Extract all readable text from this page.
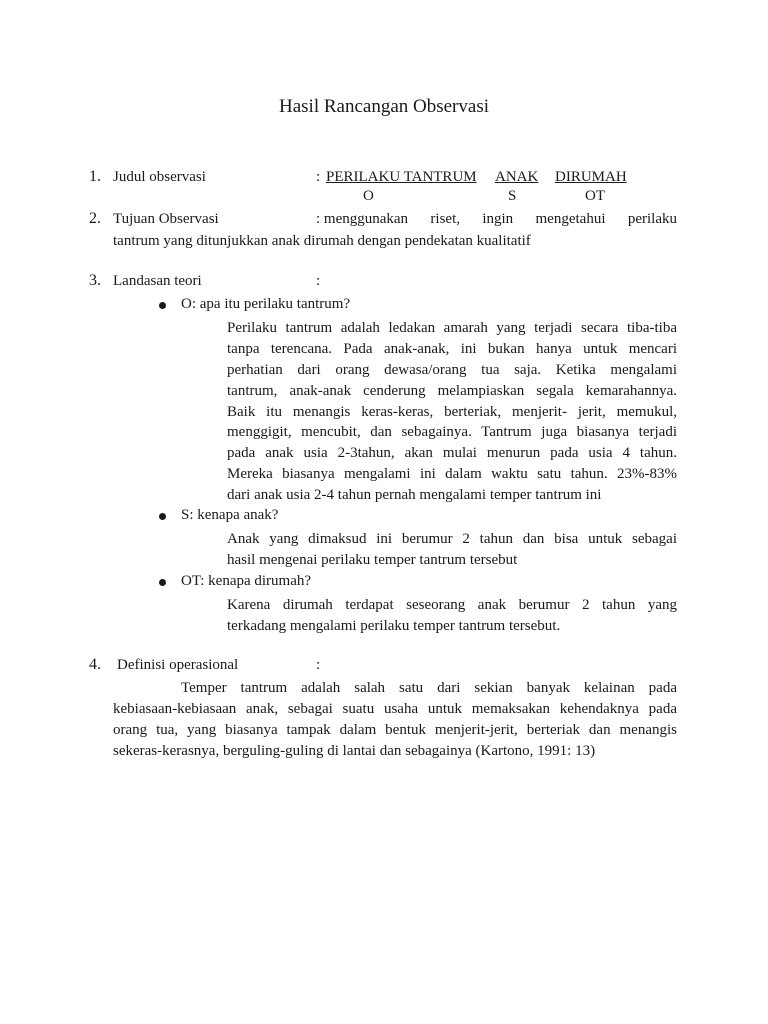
Hasil Rancangan Observasi
1. Judul observasi	: PERILAKU TANTRUM ANAK DIRUMAH
O	S	OT
2. Tujuan Observasi	: menggunakan riset, ingin mengetahui perilaku
tantrum yang ditunjukkan anak dirumah dengan pendekatan kualitatif
3. Landasan teori	:
O: apa itu perilaku tantrum?
Perilaku tantrum adalah ledakan amarah yang terjadi secara tiba-tiba
tanpa terencana. Pada anak-anak, ini bukan hanya untuk mencari
perhatian dari orang dewasa/orang tua saja. Ketika mengalami
tantrum, anak-anak cenderung melampiaskan segala kemarahannya.
Baik itu menangis keras-keras, berteriak, menjerit- jerit, memukul,
menggigit, mencubit, dan sebagainya. Tantrum juga biasanya terjadi
pada anak usia 2-3tahun, akan mulai menurun pada usia 4 tahun.
Mereka biasanya mengalami ini dalam waktu satu tahun. 23%-83%
dari anak usia 2-4 tahun pernah mengalami temper tantrum ini
S: kenapa anak?
Anak yang dimaksud ini berumur 2 tahun dan bisa untuk sebagai
hasil mengenai perilaku temper tantrum tersebut
OT: kenapa dirumah?
Karena dirumah terdapat seseorang anak berumur 2 tahun yang
terkadang mengalami perilaku temper tantrum tersebut.
4. Definisi operasional	:
Temper tantrum adalah salah satu dari sekian banyak kelainan pada
kebiasaan-kebiasaan anak, sebagai suatu usaha untuk memaksakan kehendaknya pada
orang tua, yang biasanya tampak dalam bentuk menjerit-jerit, berteriak dan menangis
sekeras-kerasnya, berguling-guling di lantai dan sebagainya (Kartono, 1991: 13)
